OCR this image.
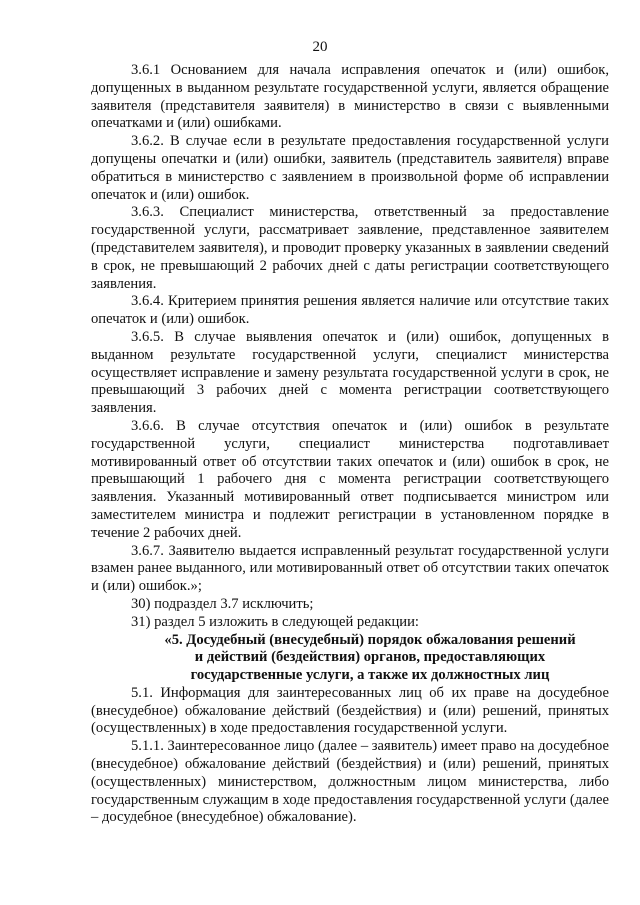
20

3.6.1 Основанием для начала исправления опечаток и (или) ошибок, допущенных в выданном результате государственной услуги, является обращение заявителя (представителя заявителя) в министерство в связи с выявленными опечатками и (или) ошибками.

3.6.2. В случае если в результате предоставления государственной услуги допущены опечатки и (или) ошибки, заявитель (представитель заявителя) вправе обратиться в министерство с заявлением в произвольной форме об исправлении опечаток и (или) ошибок.

3.6.3. Специалист министерства, ответственный за предоставление государственной услуги, рассматривает заявление, представленное заявителем (представителем заявителя), и проводит проверку указанных в заявлении сведений в срок, не превышающий 2 рабочих дней с даты регистрации соответствующего заявления.

3.6.4. Критерием принятия решения является наличие или отсутствие таких опечаток и (или) ошибок.

3.6.5. В случае выявления опечаток и (или) ошибок, допущенных в выданном результате государственной услуги, специалист министерства осуществляет исправление и замену результата государственной услуги в срок, не превышающий 3 рабочих дней с момента регистрации соответствующего заявления.

3.6.6. В случае отсутствия опечаток и (или) ошибок в результате государственной услуги, специалист министерства подготавливает мотивированный ответ об отсутствии таких опечаток и (или) ошибок в срок, не превышающий 1 рабочего дня с момента регистрации соответствующего заявления. Указанный мотивированный ответ подписывается министром или заместителем министра и подлежит регистрации в установленном порядке в течение 2 рабочих дней.

3.6.7. Заявителю выдается исправленный результат государственной услуги взамен ранее выданного, или мотивированный ответ об отсутствии таких опечаток и (или) ошибок.»;

30) подраздел 3.7 исключить;

31) раздел 5 изложить в следующей редакции:

«5. Досудебный (внесудебный) порядок обжалования решений
и действий (бездействия) органов, предоставляющих
государственные услуги, а также их должностных лиц

5.1. Информация для заинтересованных лиц об их праве на досудебное (внесудебное) обжалование действий (бездействия) и (или) решений, принятых (осуществленных) в ходе предоставления государственной услуги.

5.1.1. Заинтересованное лицо (далее – заявитель) имеет право на досудебное (внесудебное) обжалование действий (бездействия) и (или) решений, принятых (осуществленных) министерством, должностным лицом министерства, либо государственным служащим в ходе предоставления государственной услуги (далее – досудебное (внесудебное) обжалование).
